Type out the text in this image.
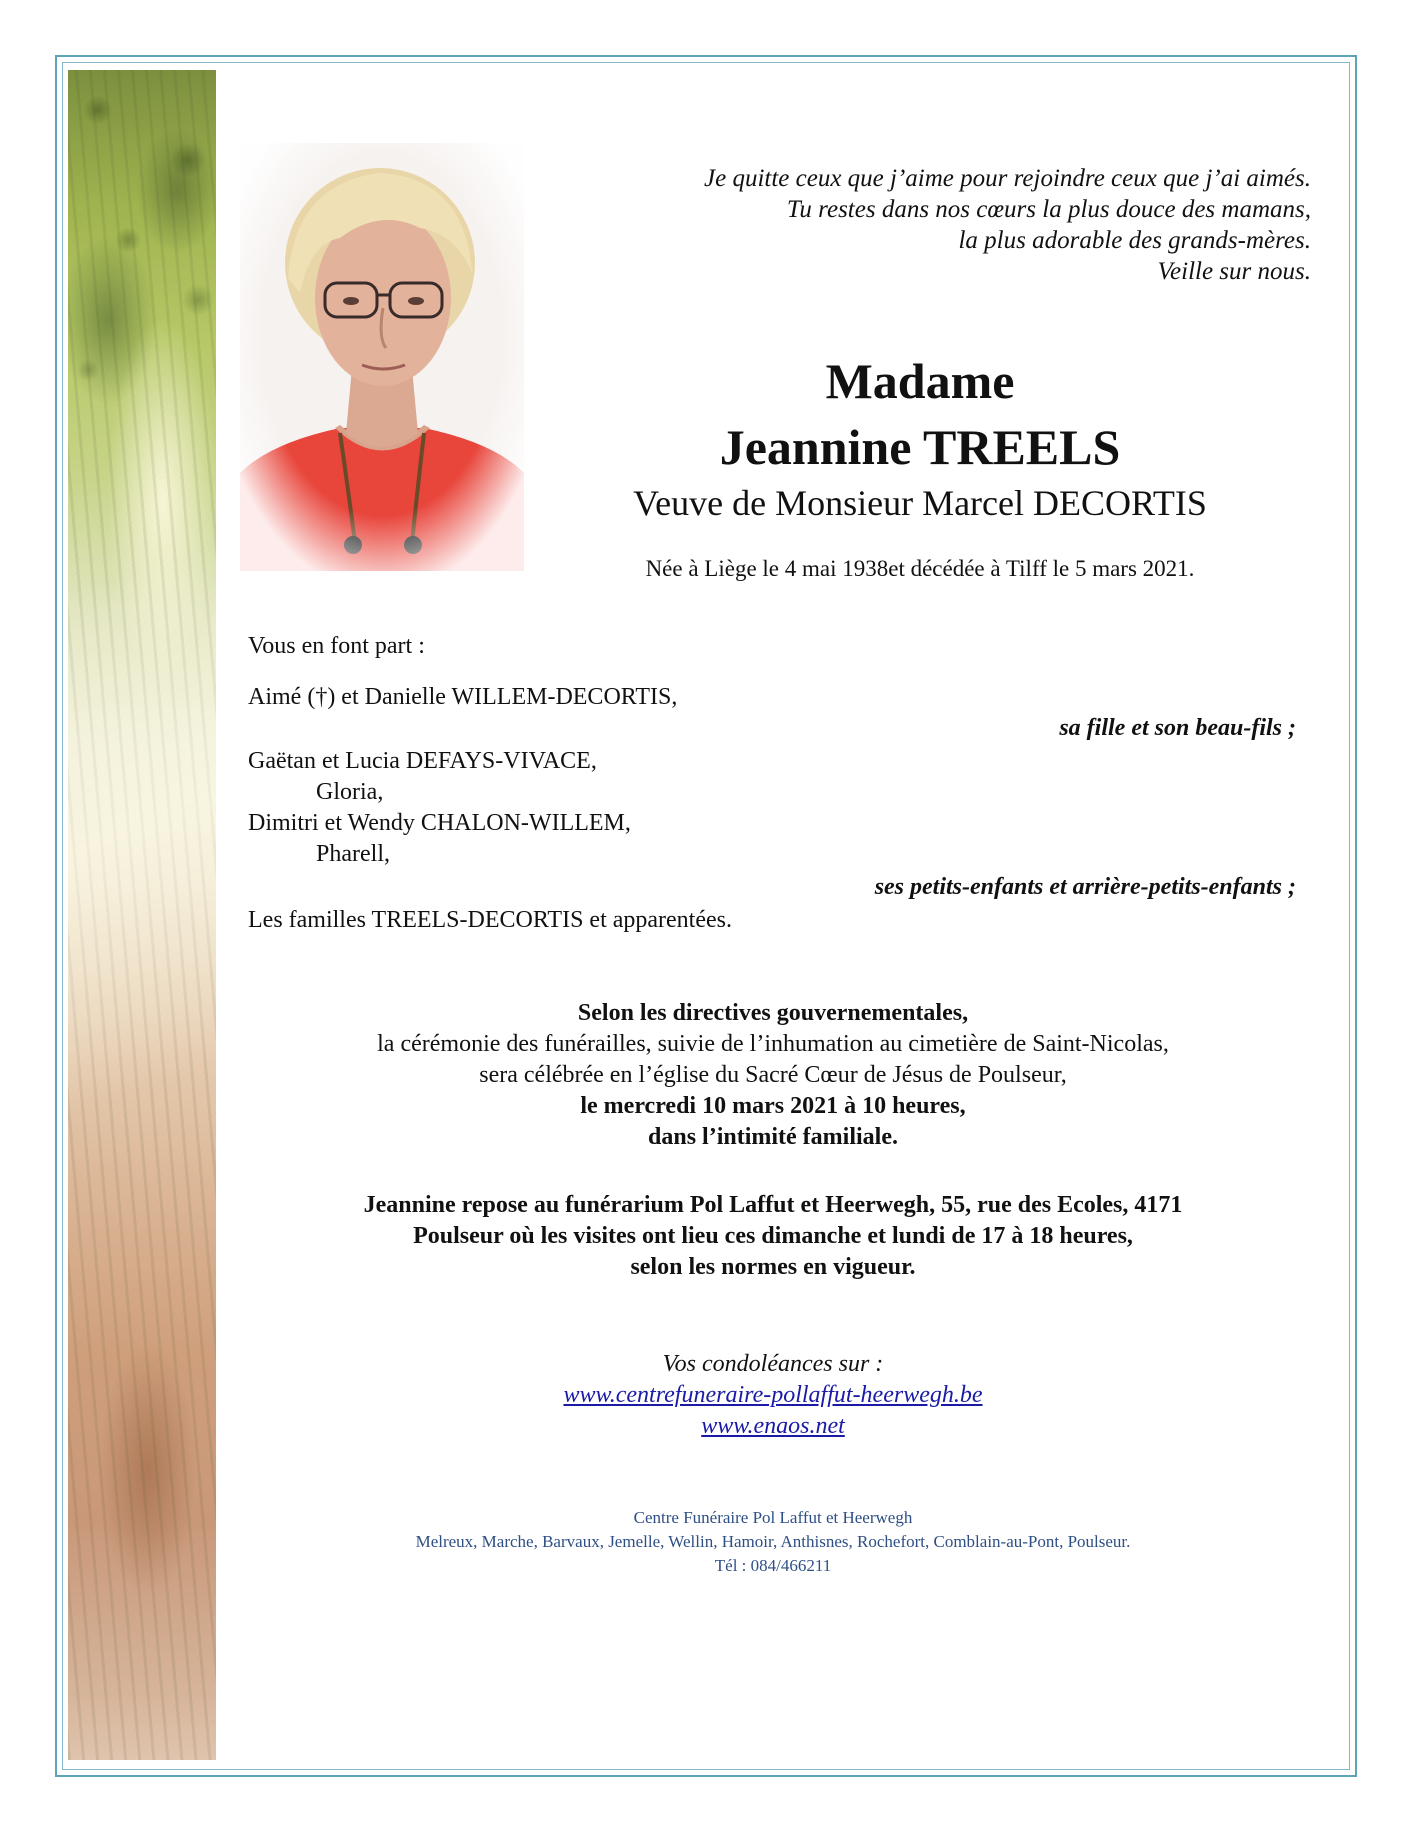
Je quitte ceux que j’aime pour rejoindre ceux que j’ai aimés.

Tu restes dans nos cœurs la plus douce des mamans,

la plus adorable des grands-mères.

Veille sur nous.

Madame
Jeannine TREELS

Veuve de Monsieur Marcel DECORTIS

Née à Liège le 4 mai 1938et décédée à Tilff le 5 mars 2021.

Vous en font part :

Aimé (†) et Danielle WILLEM-DECORTIS,

sa fille et son beau-fils ;

Gaëtan et Lucia DEFAYS-VIVACE,

Gloria,

Dimitri et Wendy CHALON-WILLEM,

Pharell,

ses petits-enfants et arrière-petits-enfants ;

Les familles TREELS-DECORTIS et apparentées.

Selon les directives gouvernementales,

la cérémonie des funérailles, suivie de l’inhumation au cimetière de Saint-Nicolas,

sera célébrée en l’église du Sacré Cœur de Jésus de Poulseur,

le mercredi 10 mars 2021 à 10 heures,

dans l’intimité familiale.

Jeannine repose au funérarium Pol Laffut et Heerwegh, 55, rue des Ecoles, 4171

Poulseur où les visites ont lieu ces dimanche et lundi de 17 à 18 heures,

selon les normes en vigueur.

Vos condoléances sur :

www.centrefuneraire-pollaffut-heerwegh.be

www.enaos.net

Centre Funéraire Pol Laffut et Heerwegh

Melreux, Marche, Barvaux, Jemelle, Wellin, Hamoir, Anthisnes, Rochefort, Comblain-au-Pont, Poulseur.

Tél : 084/466211
